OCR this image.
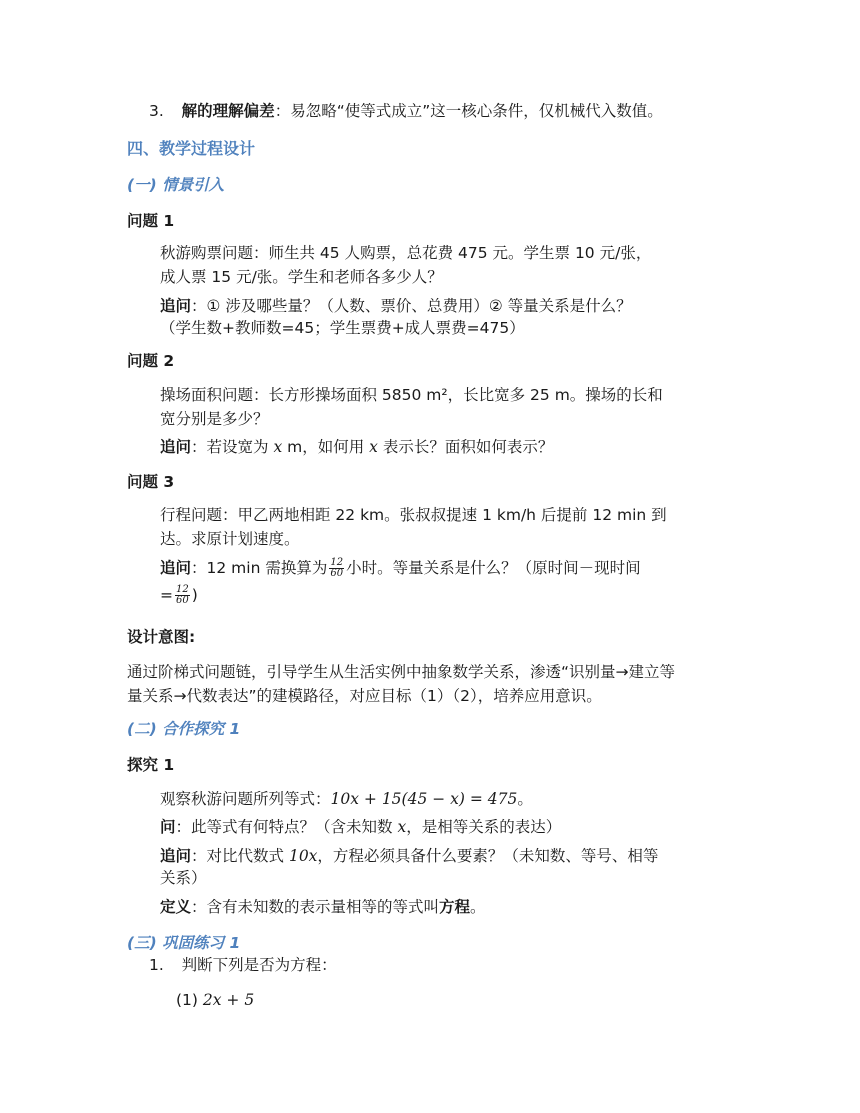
3. 解的理解偏差：易忽略“使等式成立”这一核心条件，仅机械代入数值。
四、教学过程设计
(一) 情景引入
问题 1
秋游购票问题：师生共 45 人购票，总花费 475 元。学生票 10 元/张，
成人票 15 元/张。学生和老师各多少人？
追问：① 涉及哪些量？（人数、票价、总费用）② 等量关系是什么？
（学生数+教师数=45；学生票费+成人票费=475）
问题 2
操场面积问题：长方形操场面积 5850 m²，长比宽多 25 m。操场的长和
宽分别是多少？
追问：若设宽为 x m，如何用 x 表示长？面积如何表示？
问题 3
行程问题：甲乙两地相距 22 km。张叔叔提速 1 km/h 后提前 12 min 到
达。求原计划速度。
追问：12 min 需换算为 $\frac{12}{60}$ 小时。等量关系是什么？（原时间－现时间
= $\frac{12}{60}$ )
设计意图:
通过阶梯式问题链，引导学生从生活实例中抽象数学关系，渗透“识别量→建立等
量关系→代数表达”的建模路径，对应目标（1）（2），培养应用意识。
(二) 合作探究 1
探究 1
观察秋游问题所列等式：10x + 15(45 − x) = 475。
问：此等式有何特点？（含未知数 x，是相等关系的表达）
追问：对比代数式 10x，方程必须具备什么要素？（未知数、等号、相等
关系）
定义：含有未知数的表示量相等的等式叫方程。
(三) 巩固练习 1
1. 判断下列是否为方程：
(1) 2x + 5
